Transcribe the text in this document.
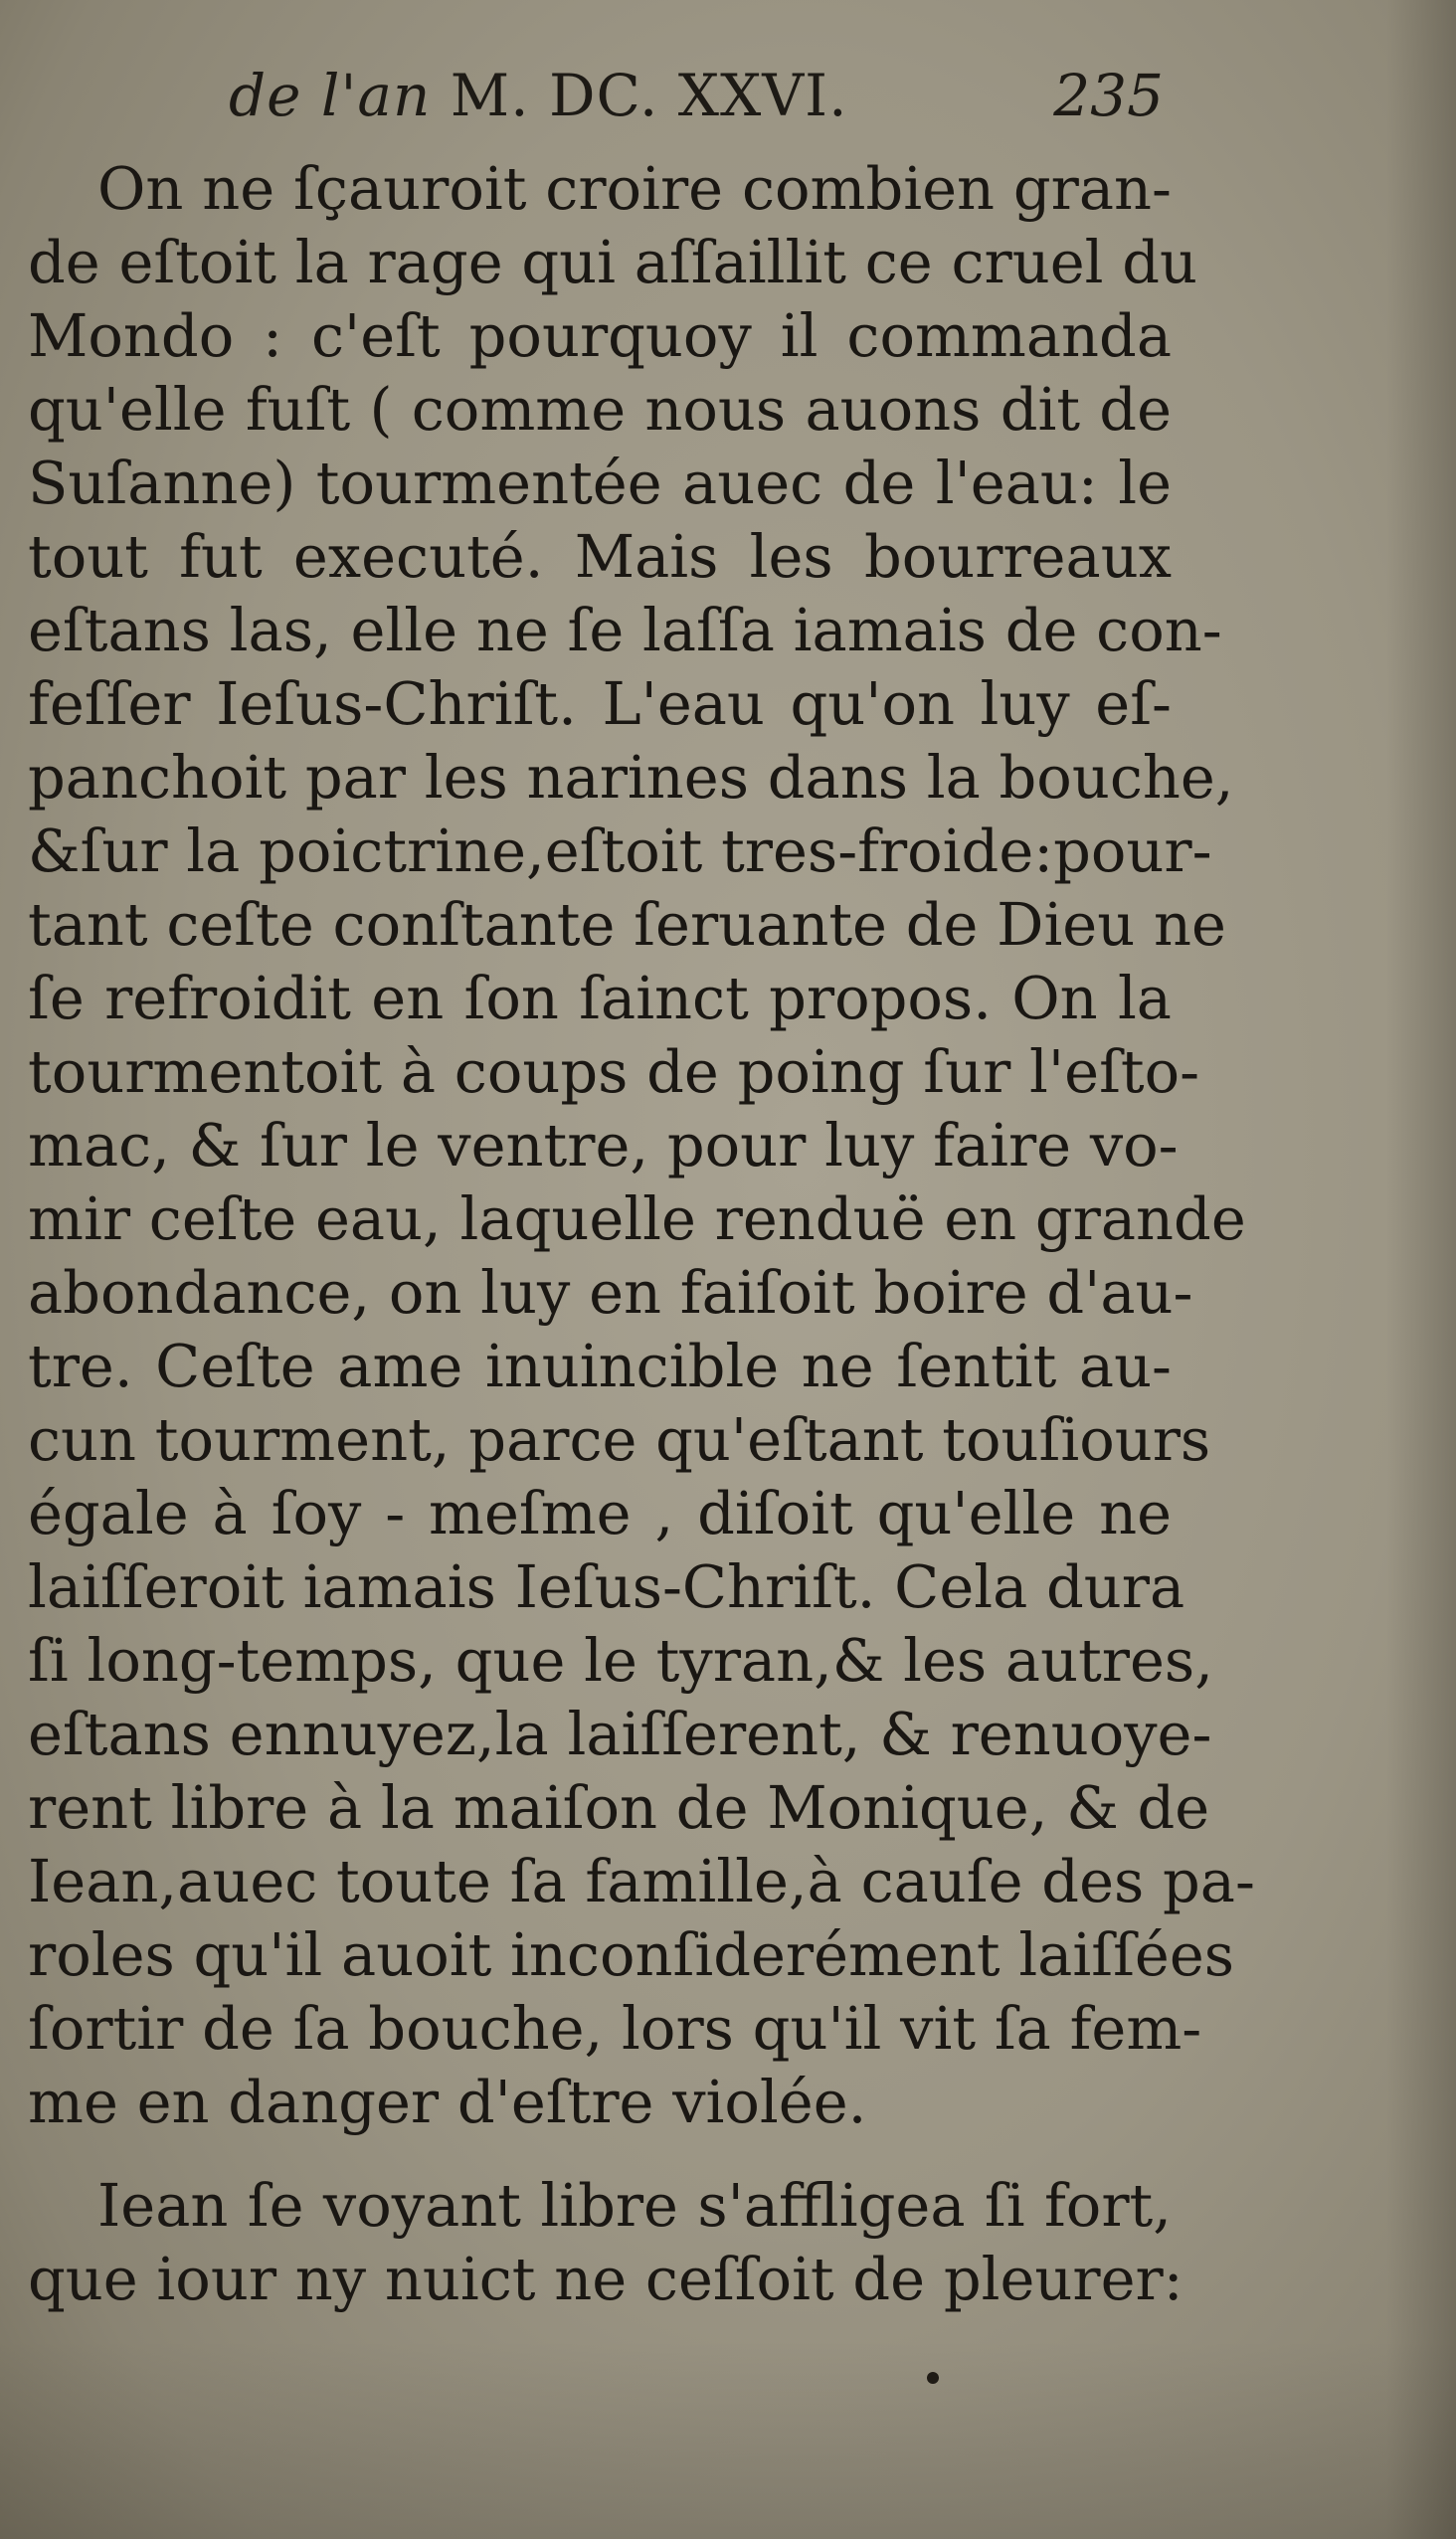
de l'an M. DC. XXVI.	235
On ne ſçauroit croire combien gran-
de eſtoit la rage qui aſſaillit ce cruel du
Mondo : c'eſt pourquoy il commanda
qu'elle fuſt ( comme nous auons dit de
Suſanne) tourmentée auec de l'eau: le
tout fut executé. Mais les bourreaux
eſtans las, elle ne ſe laſſa iamais de con-
feſſer Ieſus-Chriſt. L'eau qu'on luy eſ-
panchoit par les narines dans la bouche,
&ſur la poictrine,eſtoit tres-froide:pour-
tant ceſte conſtante ſeruante de Dieu ne
ſe refroidit en ſon ſainct propos. On la
tourmentoit à coups de poing ſur l'eſto-
mac, & ſur le ventre, pour luy faire vo-
mir ceſte eau, laquelle renduë en grande
abondance, on luy en faiſoit boire d'au-
tre. Ceſte ame inuincible ne ſentit au-
cun tourment, parce qu'eſtant touſiours
égale à ſoy - meſme , diſoit qu'elle ne
laiſſeroit iamais Ieſus-Chriſt. Cela dura
ſi long-temps, que le tyran,& les autres,
eſtans ennuyez,la laiſſerent, & renuoye-
rent libre à la maiſon de Monique, & de
Iean,auec toute ſa famille,à cauſe des pa-
roles qu'il auoit inconſiderément laiſſées
ſortir de ſa bouche, lors qu'il vit ſa fem-
me en danger d'eſtre violée.
Iean ſe voyant libre s'affligea ſi fort,
que iour ny nuict ne ceſſoit de pleurer:
